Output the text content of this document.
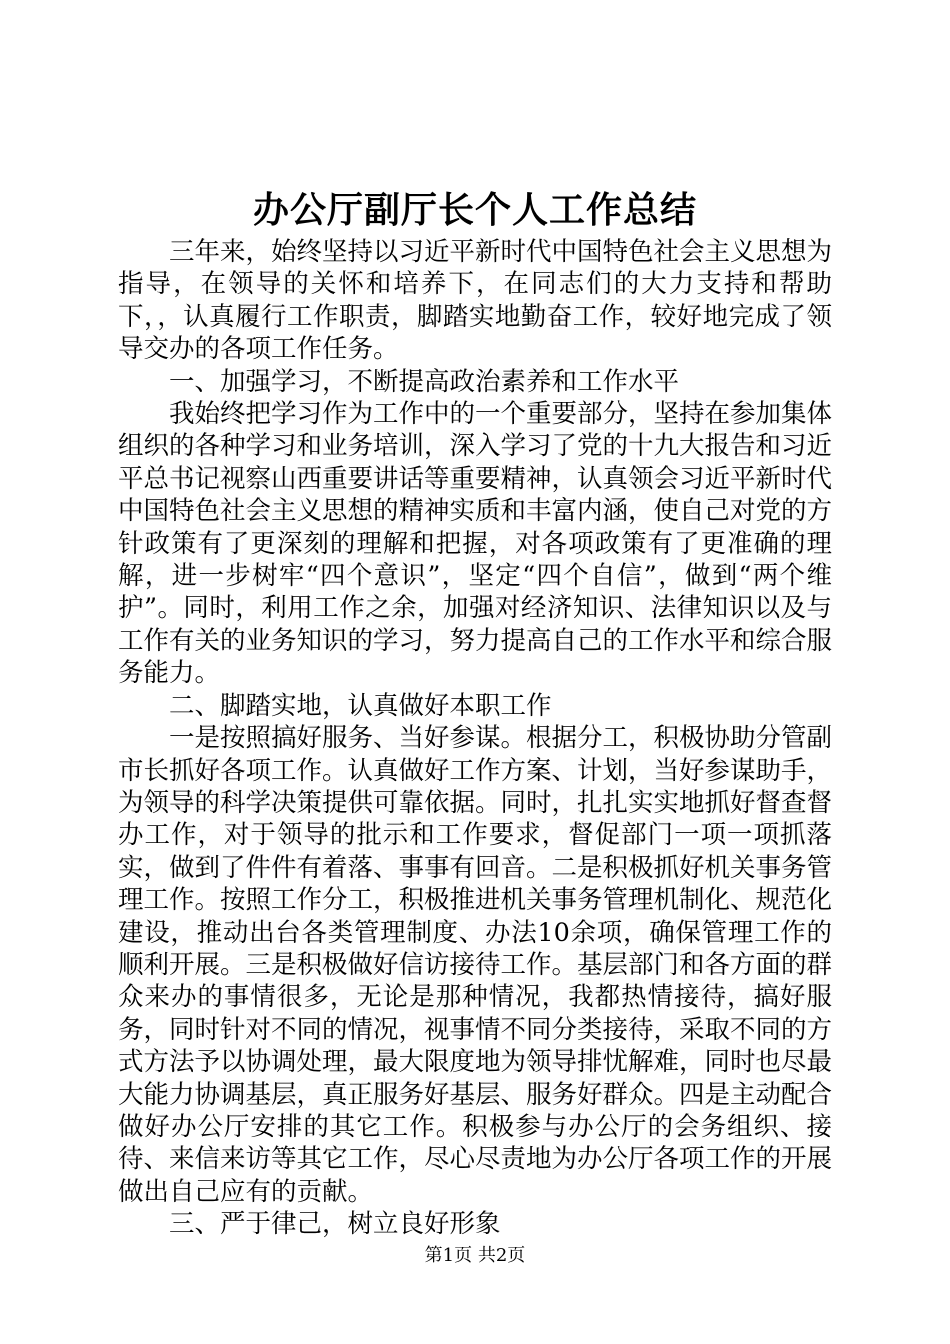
办公厅副厅长个人工作总结

三年来，始终坚持以习近平新时代中国特色社会主义思想为指导，在领导的关怀和培养下，在同志们的大力支持和帮助下，，认真履行工作职责，脚踏实地勤奋工作，较好地完成了领导交办的各项工作任务。

一、加强学习，不断提高政治素养和工作水平

我始终把学习作为工作中的一个重要部分，坚持在参加集体组织的各种学习和业务培训，深入学习了党的十九大报告和习近平总书记视察山西重要讲话等重要精神，认真领会习近平新时代中国特色社会主义思想的精神实质和丰富内涵，使自己对党的方针政策有了更深刻的理解和把握，对各项政策有了更准确的理解，进一步树牢“四个意识”，坚定“四个自信”，做到“两个维护”。同时，利用工作之余，加强对经济知识、法律知识以及与工作有关的业务知识的学习，努力提高自己的工作水平和综合服务能力。

二、脚踏实地，认真做好本职工作

一是按照搞好服务、当好参谋。根据分工，积极协助分管副市长抓好各项工作。认真做好工作方案、计划，当好参谋助手，为领导的科学决策提供可靠依据。同时，扎扎实实地抓好督查督办工作，对于领导的批示和工作要求，督促部门一项一项抓落实，做到了件件有着落、事事有回音。二是积极抓好机关事务管理工作。按照工作分工，积极推进机关事务管理机制化、规范化建设，推动出台各类管理制度、办法10余项，确保管理工作的顺利开展。三是积极做好信访接待工作。基层部门和各方面的群众来办的事情很多，无论是那种情况，我都热情接待，搞好服务，同时针对不同的情况，视事情不同分类接待，采取不同的方式方法予以协调处理，最大限度地为领导排忧解难，同时也尽最大能力协调基层，真正服务好基层、服务好群众。四是主动配合做好办公厅安排的其它工作。积极参与办公厅的会务组织、接待、来信来访等其它工作，尽心尽责地为办公厅各项工作的开展做出自己应有的贡献。

三、严于律己，树立良好形象

第1页 共2页
